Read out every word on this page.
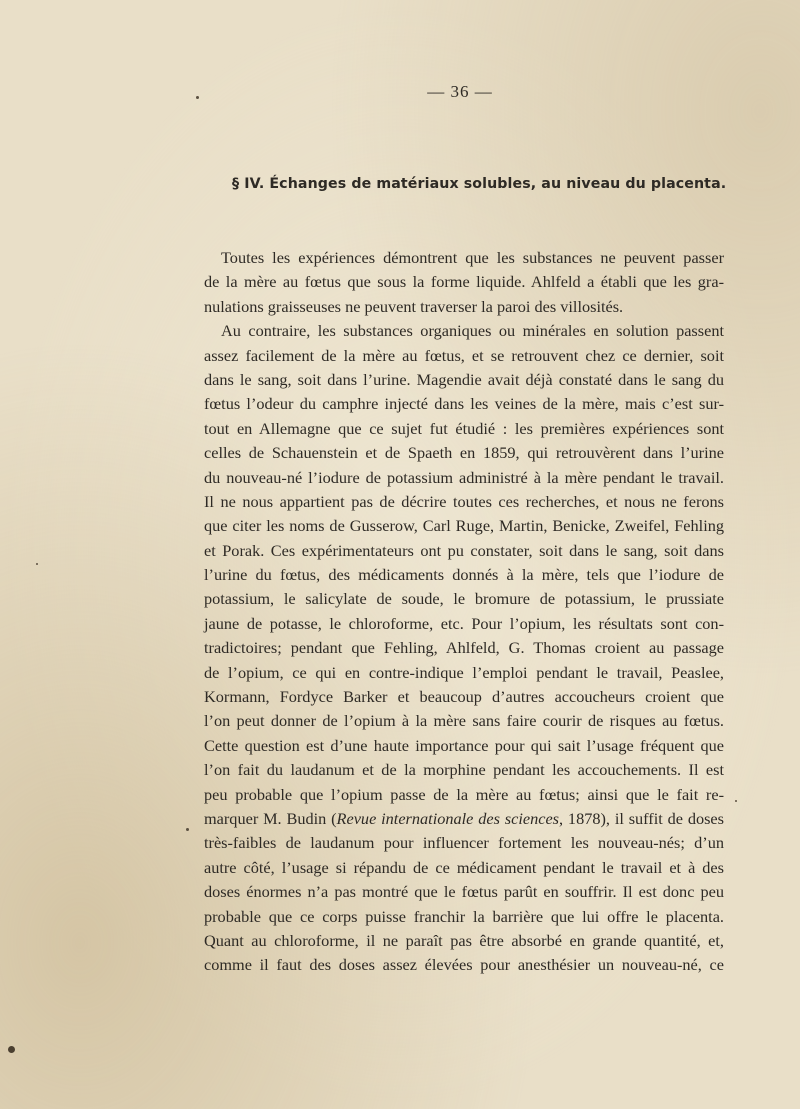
— 36 —
§ IV. Échanges de matériaux solubles, au niveau du placenta.
Toutes les expériences démontrent que les substances ne peuvent passer
de la mère au fœtus que sous la forme liquide. Ahlfeld a établi que les gra-
nulations graisseuses ne peuvent traverser la paroi des villosités.
Au contraire, les substances organiques ou minérales en solution passent
assez facilement de la mère au fœtus, et se retrouvent chez ce dernier, soit
dans le sang, soit dans l’urine. Magendie avait déjà constaté dans le sang du
fœtus l’odeur du camphre injecté dans les veines de la mère, mais c’est sur-
tout en Allemagne que ce sujet fut étudié : les premières expériences sont
celles de Schauenstein et de Spaeth en 1859, qui retrouvèrent dans l’urine
du nouveau-né l’iodure de potassium administré à la mère pendant le travail.
Il ne nous appartient pas de décrire toutes ces recherches, et nous ne ferons
que citer les noms de Gusserow, Carl Ruge, Martin, Benicke, Zweifel, Fehling
et Porak. Ces expérimentateurs ont pu constater, soit dans le sang, soit dans
l’urine du fœtus, des médicaments donnés à la mère, tels que l’iodure de
potassium, le salicylate de soude, le bromure de potassium, le prussiate
jaune de potasse, le chloroforme, etc. Pour l’opium, les résultats sont con-
tradictoires; pendant que Fehling, Ahlfeld, G. Thomas croient au passage
de l’opium, ce qui en contre-indique l’emploi pendant le travail, Peaslee,
Kormann, Fordyce Barker et beaucoup d’autres accoucheurs croient que
l’on peut donner de l’opium à la mère sans faire courir de risques au fœtus.
Cette question est d’une haute importance pour qui sait l’usage fréquent que
l’on fait du laudanum et de la morphine pendant les accouchements. Il est
peu probable que l’opium passe de la mère au fœtus; ainsi que le fait re-
marquer M. Budin (Revue internationale des sciences, 1878), il suffit de doses
très-faibles de laudanum pour influencer fortement les nouveau-nés; d’un
autre côté, l’usage si répandu de ce médicament pendant le travail et à des
doses énormes n’a pas montré que le fœtus parût en souffrir. Il est donc peu
probable que ce corps puisse franchir la barrière que lui offre le placenta.
Quant au chloroforme, il ne paraît pas être absorbé en grande quantité, et,
comme il faut des doses assez élevées pour anesthésier un nouveau-né, ce
